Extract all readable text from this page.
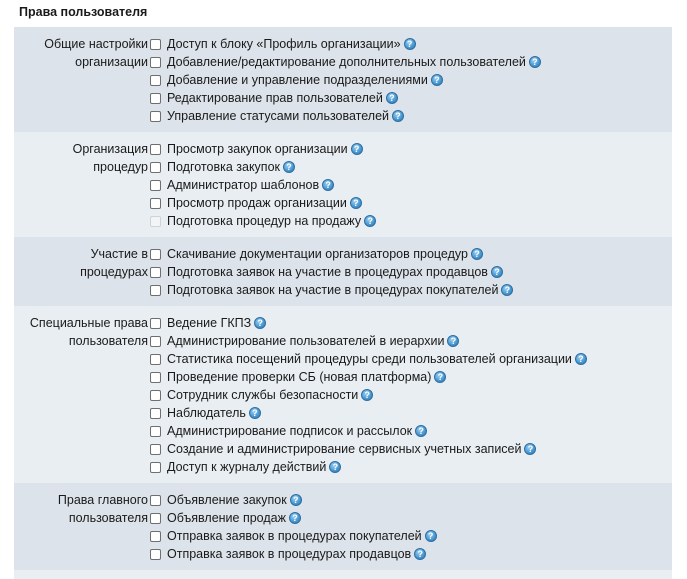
Права пользователя
Общие настройки
организации
Доступ к блоку «Профиль организации» ?
Добавление/редактирование дополнительных пользователей ?
Добавление и управление подразделениями ?
Редактирование прав пользователей ?
Управление статусами пользователей ?
Организация
процедур
Просмотр закупок организации ?
Подготовка закупок ?
Администратор шаблонов ?
Просмотр продаж организации ?
Подготовка процедур на продажу ?
Участие в
процедурах
Скачивание документации организаторов процедур ?
Подготовка заявок на участие в процедурах продавцов ?
Подготовка заявок на участие в процедурах покупателей ?
Специальные права
пользователя
Ведение ГКПЗ ?
Администрирование пользователей в иерархии ?
Статистика посещений процедуры среди пользователей организации ?
Проведение проверки СБ (новая платформа) ?
Сотрудник службы безопасности ?
Наблюдатель ?
Администрирование подписок и рассылок ?
Создание и администрирование сервисных учетных записей ?
Доступ к журналу действий ?
Права главного
пользователя
Объявление закупок ?
Объявление продаж ?
Отправка заявок в процедурах покупателей ?
Отправка заявок в процедурах продавцов ?
